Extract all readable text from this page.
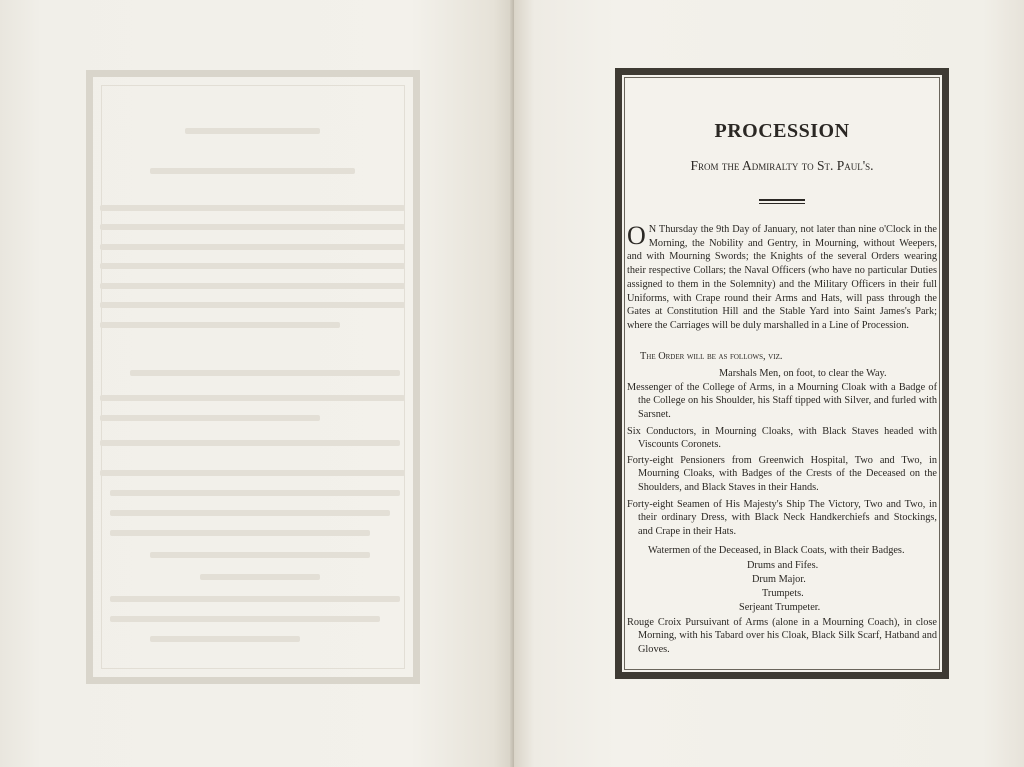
PROCESSION
From the Admiralty to St. Paul's.
O N Thursday the 9th Day of January, not later than nine o'Clock in the Morning, the Nobility and Gentry, in Mourning, without Weepers, and with Mourning Swords; the Knights of the several Orders wearing their respective Collars; the Naval Officers (who have no particular Duties assigned to them in the Solemnity) and the Military Officers in their full Uniforms, with Crape round their Arms and Hats, will pass through the Gates at Constitution Hill and the Stable Yard into Saint James's Park; where the Carriages will be duly marshalled in a Line of Procession.
The Order will be as follows, viz.
Marshals Men, on foot, to clear the Way.
Messenger of the College of Arms, in a Mourning Cloak with a Badge of the College on his Shoulder, his Staff tipped with Silver, and furled with Sarsnet.
Six Conductors, in Mourning Cloaks, with Black Staves headed with Viscounts Coronets.
Forty-eight Pensioners from Greenwich Hospital, Two and Two, in Mourning Cloaks, with Badges of the Crests of the Deceased on the Shoulders, and Black Staves in their Hands.
Forty-eight Seamen of His Majesty's Ship The Victory, Two and Two, in their ordinary Dress, with Black Neck Handkerchiefs and Stockings, and Crape in their Hats.
Watermen of the Deceased, in Black Coats, with their Badges.
Drums and Fifes.
Drum Major.
Trumpets.
Serjeant Trumpeter.
Rouge Croix Pursuivant of Arms (alone in a Mourning Coach), in close Morning, with his Tabard over his Cloak, Black Silk Scarf, Hatband and Gloves.
